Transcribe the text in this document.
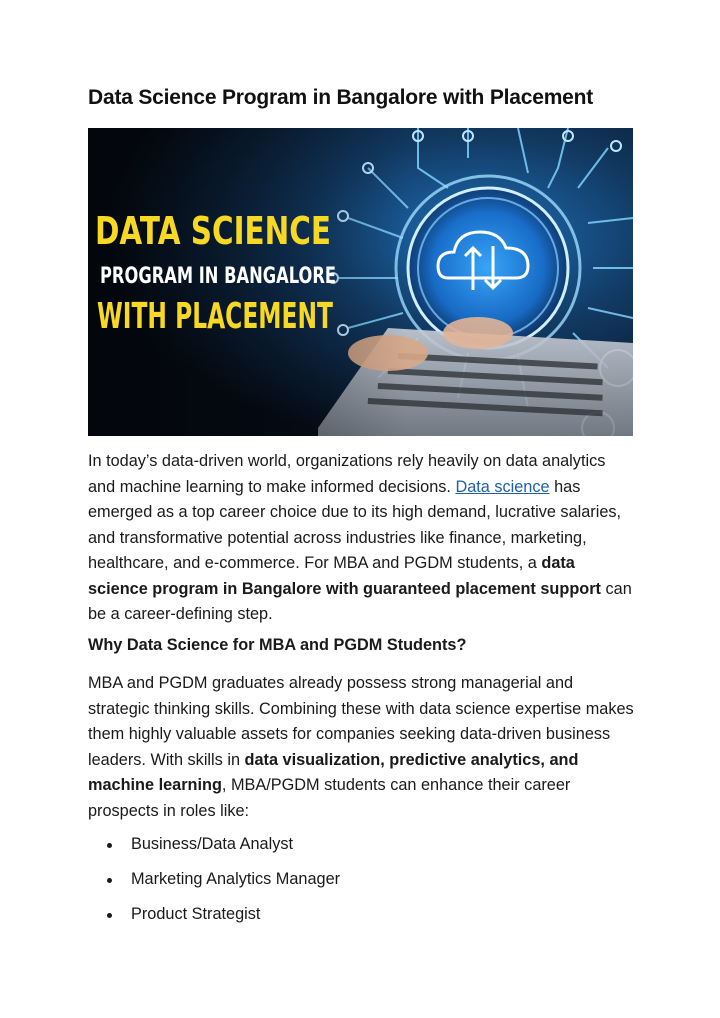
Data Science Program in Bangalore with Placement
DATA SCIENCE
PROGRAM IN BANGALORE
WITH PLACEMENT

In today’s data-driven world, organizations rely heavily on data analytics and machine learning to make informed decisions. Data science has emerged as a top career choice due to its high demand, lucrative salaries, and transformative potential across industries like finance, marketing, healthcare, and e-commerce. For MBA and PGDM students, a data science program in Bangalore with guaranteed placement support can be a career-defining step.

Why Data Science for MBA and PGDM Students?

MBA and PGDM graduates already possess strong managerial and strategic thinking skills. Combining these with data science expertise makes them highly valuable assets for companies seeking data-driven business leaders. With skills in data visualization, predictive analytics, and machine learning, MBA/PGDM students can enhance their career prospects in roles like:

Business/Data Analyst
Marketing Analytics Manager
Product Strategist
